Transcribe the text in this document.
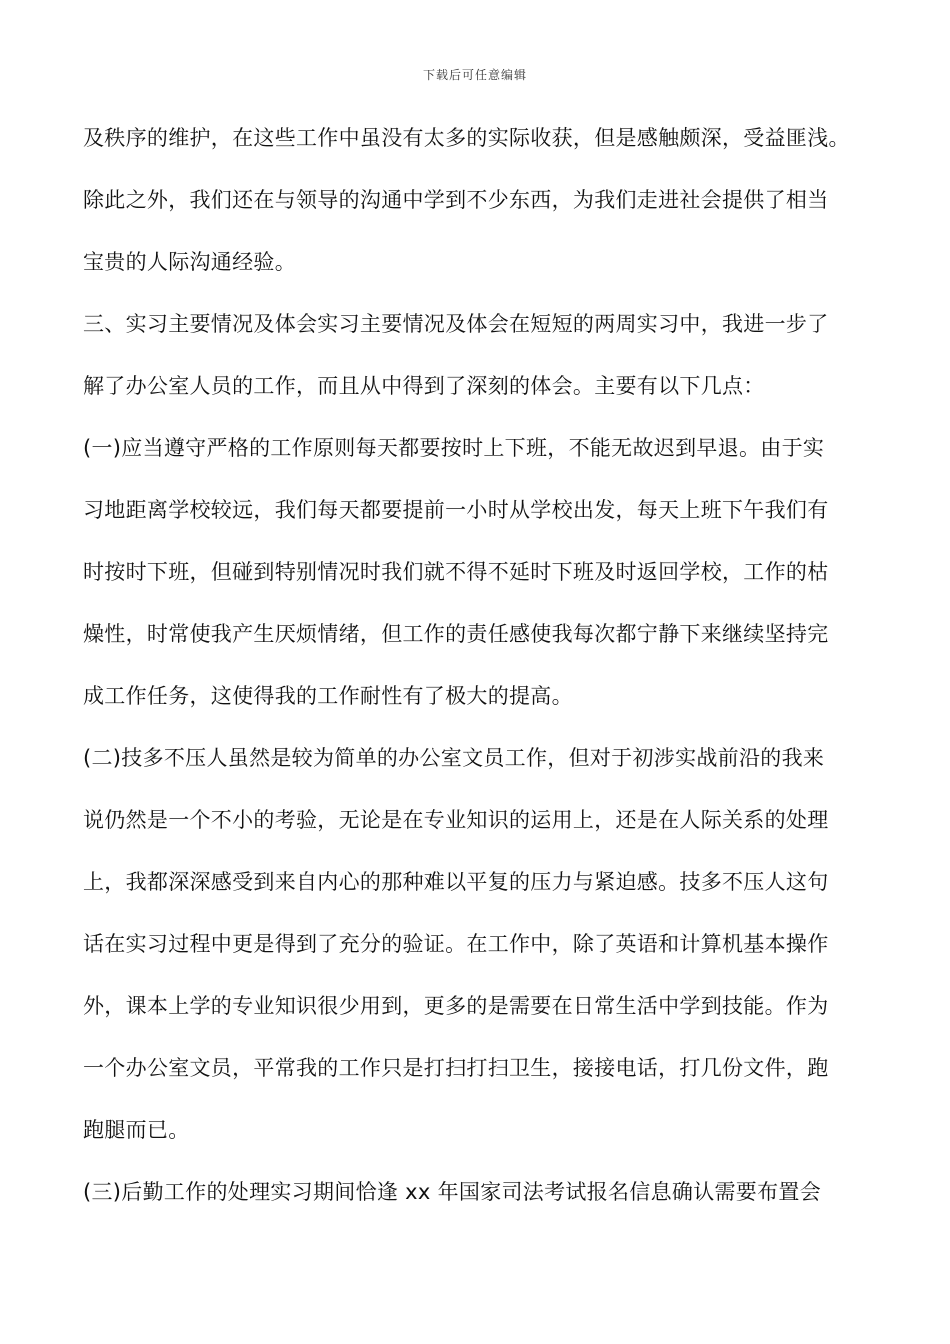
下载后可任意编辑
及秩序的维护，在这些工作中虽没有太多的实际收获，但是感触颇深，受益匪浅。
除此之外，我们还在与领导的沟通中学到不少东西，为我们走进社会提供了相当
宝贵的人际沟通经验。
三、实习主要情况及体会实习主要情况及体会在短短的两周实习中，我进一步了
解了办公室人员的工作，而且从中得到了深刻的体会。主要有以下几点：
(一)应当遵守严格的工作原则每天都要按时上下班，不能无故迟到早退。由于实
习地距离学校较远，我们每天都要提前一小时从学校出发，每天上班下午我们有
时按时下班，但碰到特别情况时我们就不得不延时下班及时返回学校，工作的枯
燥性，时常使我产生厌烦情绪，但工作的责任感使我每次都宁静下来继续坚持完
成工作任务，这使得我的工作耐性有了极大的提高。
(二)技多不压人虽然是较为简单的办公室文员工作，但对于初涉实战前沿的我来
说仍然是一个不小的考验，无论是在专业知识的运用上，还是在人际关系的处理
上，我都深深感受到来自内心的那种难以平复的压力与紧迫感。技多不压人这句
话在实习过程中更是得到了充分的验证。在工作中，除了英语和计算机基本操作
外，课本上学的专业知识很少用到，更多的是需要在日常生活中学到技能。作为
一个办公室文员，平常我的工作只是打扫打扫卫生，接接电话，打几份文件，跑
跑腿而已。
(三)后勤工作的处理实习期间恰逢 xx 年国家司法考试报名信息确认需要布置会
